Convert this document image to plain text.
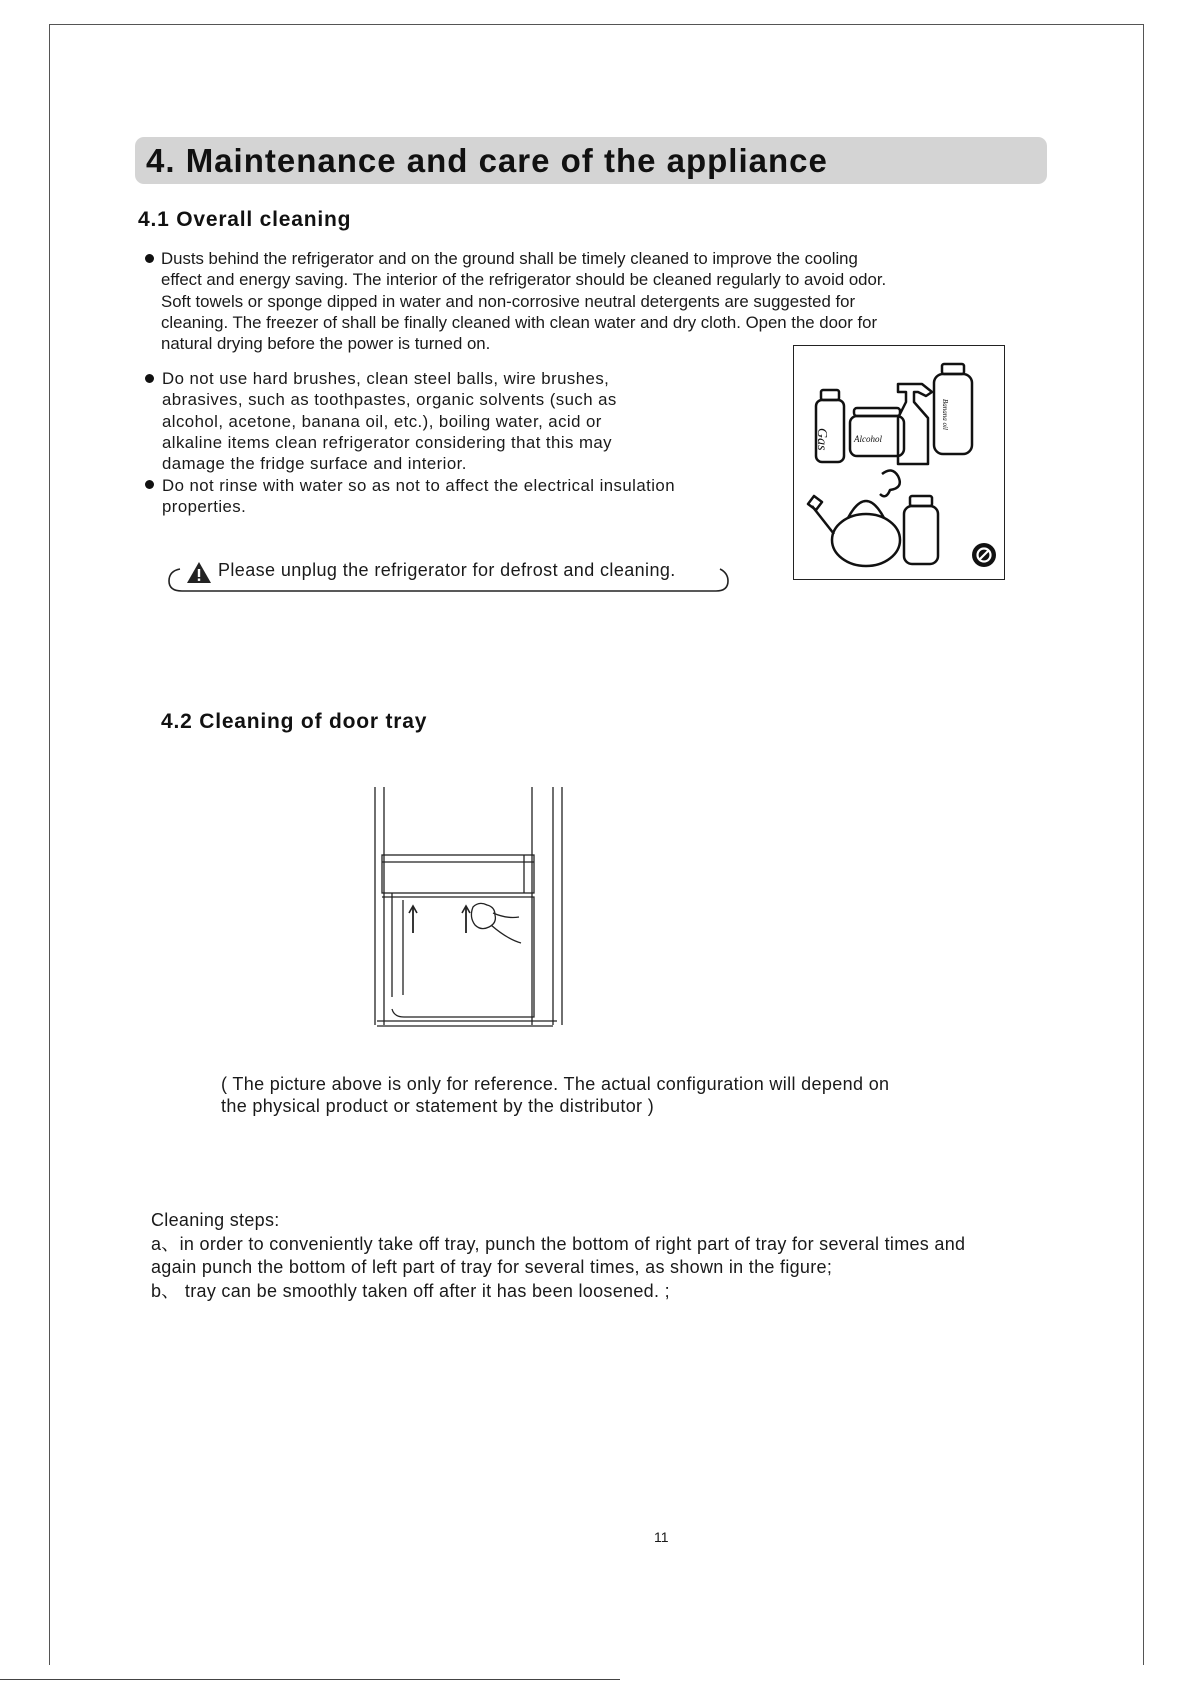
4. Maintenance and care of the appliance
4.1 Overall cleaning
Dusts behind the refrigerator and on the ground shall be timely cleaned to improve the cooling
effect and energy saving. The interior of the refrigerator should be cleaned regularly to avoid odor.
Soft towels or sponge dipped in water and non-corrosive neutral detergents are suggested for
cleaning. The freezer of shall be finally cleaned with clean water and dry cloth. Open the door for
natural drying before the power is turned on.
Do not use hard brushes, clean steel balls, wire brushes,
abrasives, such as toothpastes, organic solvents (such as
alcohol, acetone, banana oil, etc.), boiling water, acid or
alkaline items clean refrigerator considering that this may
damage the fridge surface and interior.
Do not rinse with water so as not to affect the electrical insulation
properties.
Gas	Alcohol
Banana oil
Please unplug the refrigerator for defrost and cleaning.
4.2 Cleaning of door tray
( The picture above is only for reference. The actual configuration will depend on
the physical product or statement by the distributor )
Cleaning steps:
a、in order to conveniently take off tray, punch the bottom of right part of tray for several times and
again punch the bottom of left part of tray for several times, as shown in the figure;
b、 tray can be smoothly taken off after it has been loosened. ;
11
